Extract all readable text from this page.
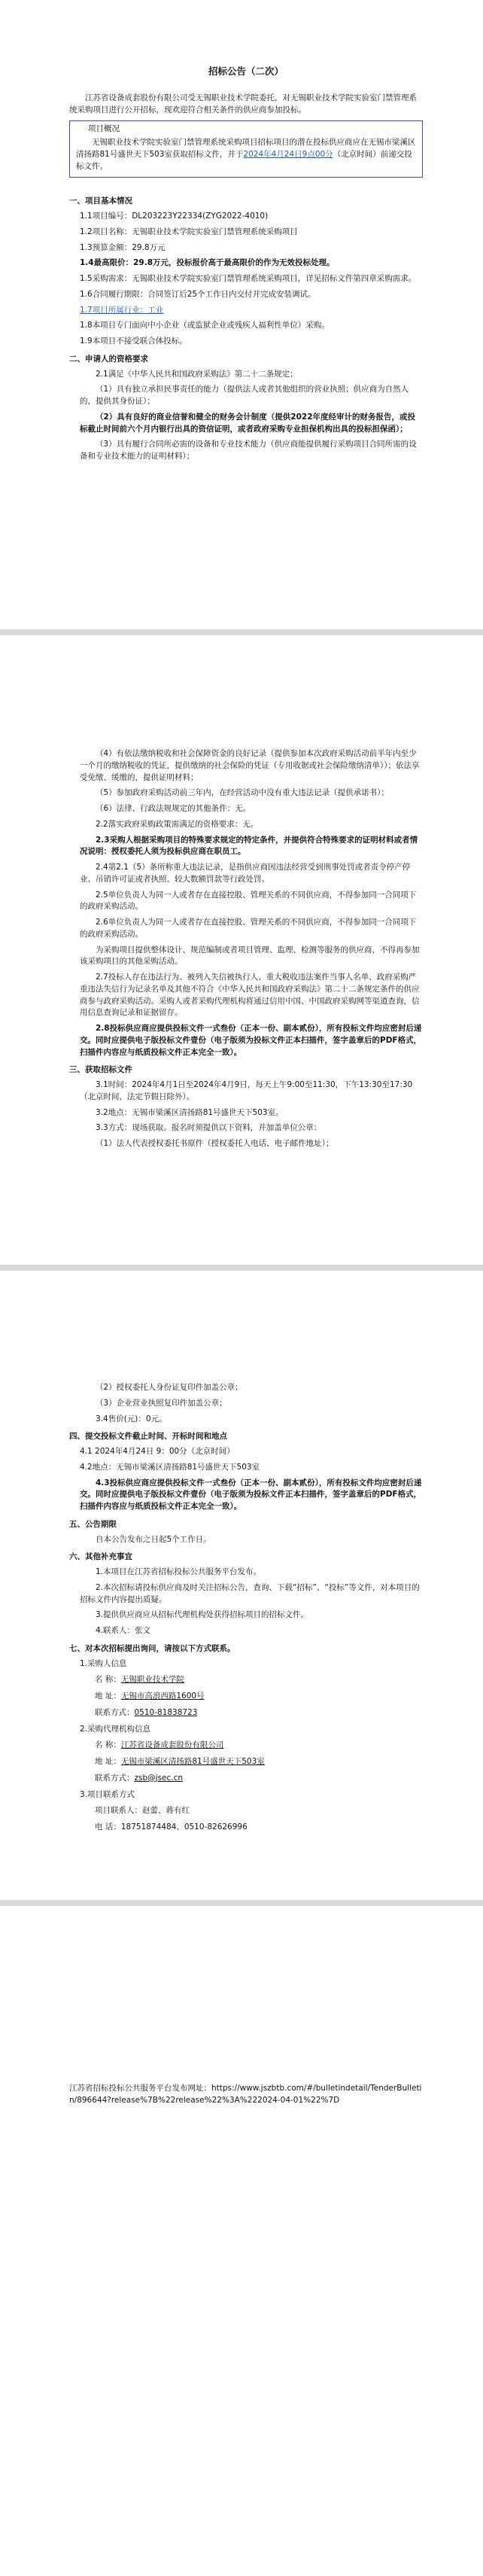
招标公告（二次）

江苏省设备成套股份有限公司受无锡职业技术学院委托，对无锡职业技术学院实验室门禁管理系统采购项目进行公开招标，现欢迎符合相关条件的供应商参加投标。

项目概况
无锡职业技术学院实验室门禁管理系统采购项目招标项目的潜在投标供应商应在无锡市梁溪区清扬路81号盛世天下503室获取招标文件，并于2024年4月24日9点00分（北京时间）前递交投标文件。
一、项目基本情况

1.1项目编号：DL203223Y22334(ZYG2022-4010)

1.2项目名称：无锡职业技术学院实验室门禁管理系统采购项目

1.3预算金额：29.8万元

1.4最高限价：29.8万元，投标报价高于最高限价的作为无效投标处理。

1.5采购需求：无锡职业技术学院实验室门禁管理系统采购项目，详见招标文件第四章采购需求。

1.6合同履行期限：合同签订后25个工作日内交付并完成安装调试。

1.7项目所属行业：工业

1.8本项目专门面向中小企业（或监狱企业或残疾人福利性单位）采购。

1.9本项目不接受联合体投标。

二、申请人的资格要求

2.1满足《中华人民共和国政府采购法》第二十二条规定；

（1）具有独立承担民事责任的能力（提供法人或者其他组织的营业执照；供应商为自然人的，提供其身份证）；

（2）具有良好的商业信誉和健全的财务会计制度（提供2022年度经审计的财务报告，或投标截止时间前六个月内银行出具的资信证明，或者政府采购专业担保机构出具的投标担保函）；

（3）具有履行合同所必需的设备和专业技术能力（供应商能提供履行采购项目合同所需的设备和专业技术能力的证明材料）；

（4）有依法缴纳税收和社会保障资金的良好记录（提供参加本次政府采购活动前半年内至少一个月的缴纳税收的凭证，提供缴纳的社会保险的凭证（专用收据或社会保险缴纳清单））；依法享受免缴、缓缴的，提供证明材料；

（5）参加政府采购活动前三年内，在经营活动中没有重大违法记录（提供承诺书）；

（6）法律、行政法规规定的其他条件：无。

2.2落实政府采购政策需满足的资格要求：无。

2.3采购人根据采购项目的特殊要求规定的特定条件，并提供符合特殊要求的证明材料或者情况说明：授权委托人须为投标供应商在职员工。

2.4第2.1（5）条所称重大违法记录，是指供应商因违法经营受到刑事处罚或者责令停产停业、吊销许可证或者执照、较大数额罚款等行政处罚。

2.5单位负责人为同一人或者存在直接控股、管理关系的不同供应商，不得参加同一合同项下的政府采购活动。

2.6单位负责人为同一人或者存在直接控股、管理关系的不同供应商，不得参加同一合同项下的政府采购活动。

为采购项目提供整体设计、规范编制或者项目管理、监理、检测等服务的供应商，不得再参加该采购项目的其他采购活动。

2.7投标人存在违法行为、被列入失信被执行人、重大税收违法案件当事人名单、政府采购严重违法失信行为记录名单及其他不符合《中华人民共和国政府采购法》第二十二条规定条件的供应商参与政府采购活动。采购人或者采购代理机构将通过信用中国、中国政府采购网等渠道查询，信用信息查询记录和证据留存。

2.8投标供应商应提供投标文件一式叁份（正本一份、副本贰份），所有投标文件均应密封后递交。同时应提供电子版投标文件壹份（电子版须为投标文件正本扫描件，签字盖章后的PDF格式，扫描件内容应与纸质投标文件正本完全一致）。

三、获取招标文件

3.1时间：2024年4月1日至2024年4月9日，每天上午9:00至11:30，下午13:30至17:30（北京时间，法定节假日除外）。

3.2地点：无锡市梁溪区清扬路81号盛世天下503室。

3.3方式：现场获取。报名时须提供以下资料，并加盖单位公章：

（1）法人代表授权委托书原件（授权委托人电话、电子邮件地址）；

（2）授权委托人身份证复印件加盖公章；

（3）企业营业执照复印件加盖公章；

3.4售价(元)：0元。

四、提交投标文件截止时间、开标时间和地点

4.1 2024年4月24日 9：00分（北京时间）

4.2地点：无锡市梁溪区清扬路81号盛世天下503室

4.3投标供应商应提供投标文件一式叁份（正本一份、副本贰份），所有投标文件均应密封后递交。同时应提供电子版投标文件壹份（电子版须为投标文件正本扫描件，签字盖章后的PDF格式，扫描件内容应与纸质投标文件正本完全一致）。

五、公告期限

自本公告发布之日起5个工作日。

六、其他补充事宜

1.本项目在江苏省招标投标公共服务平台发布。

2.本次招标请投标供应商及时关注招标公告，查询、下载“招标”、“投标”等文件，对本项目的招标文件内容提出质疑。

3.提供供应商应从招标代理机构处获得招标项目的招标文件。

4.联系人：张文

七、对本次招标提出询问，请按以下方式联系。

1.采购人信息

名 称：无锡职业技术学院

地 址：无锡市高浪西路1600号

联系方式：0510-81838723

2.采购代理机构信息

名 称：江苏省设备成套股份有限公司

地 址：无锡市梁溪区清扬路81号盛世天下503室

联系方式：zsb@jsec.cn

3.项目联系方式

项目联系人：赵蕾、蒋有红

电 话：18751874484、0510-82626996

江苏省招标投标公共服务平台发布网址：https://www.jszbtb.com/#/bulletindetail/TenderBulletin/896644?release%7B%22release%22%3A%222024-04-01%22%7D
